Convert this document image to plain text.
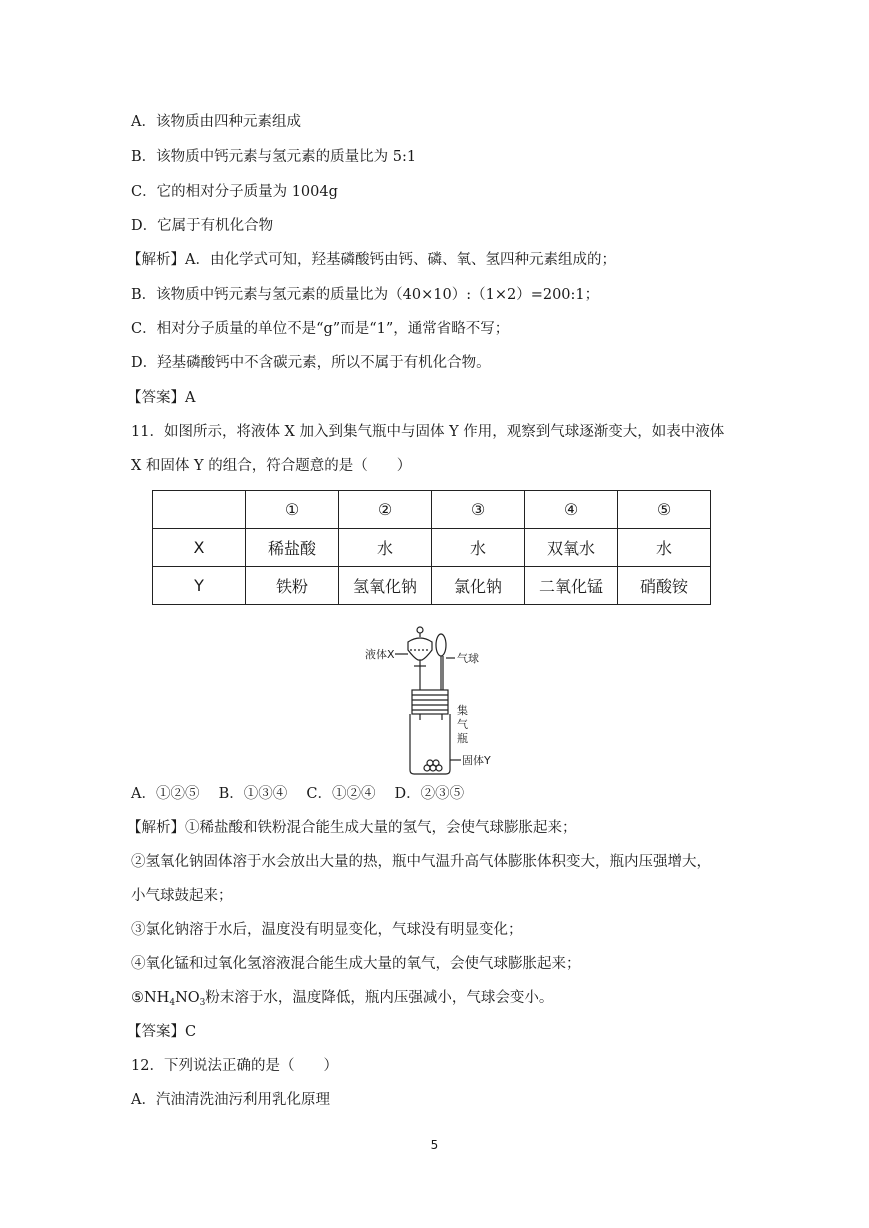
A．该物质由四种元素组成
B．该物质中钙元素与氢元素的质量比为 5:1
C．它的相对分子质量为 1004g
D．它属于有机化合物
【解析】A．由化学式可知，羟基磷酸钙由钙、磷、氧、氢四种元素组成的；
B．该物质中钙元素与氢元素的质量比为（40×10）:（1×2）=200:1；
C．相对分子质量的单位不是“g”而是“1”，通常省略不写；
D．羟基磷酸钙中不含碳元素，所以不属于有机化合物。
【答案】A
11．如图所示，将液体 X 加入到集气瓶中与固体 Y 作用，观察到气球逐渐变大，如表中液体
X 和固体 Y 的组合，符合题意的是（　　）
	①	②	③	④	⑤
X	稀盐酸	水	水	双氧水	水
Y	铁粉	氢氧化钠	氯化钠	二氧化锰	硝酸铵
液体X	气球
集
气
瓶
固体Y
A．①②⑤　 B．①③④　 C．①②④　 D．②③⑤
【解析】①稀盐酸和铁粉混合能生成大量的氢气，会使气球膨胀起来；
②氢氧化钠固体溶于水会放出大量的热，瓶中气温升高气体膨胀体积变大，瓶内压强增大，
小气球鼓起来；
③氯化钠溶于水后，温度没有明显变化，气球没有明显变化；
④氧化锰和过氧化氢溶液混合能生成大量的氧气，会使气球膨胀起来；
$⑤NH_4NO_3$粉末溶于水，温度降低，瓶内压强减小，气球会变小。
【答案】C
12．下列说法正确的是（　　）
A．汽油清洗油污利用乳化原理
5
